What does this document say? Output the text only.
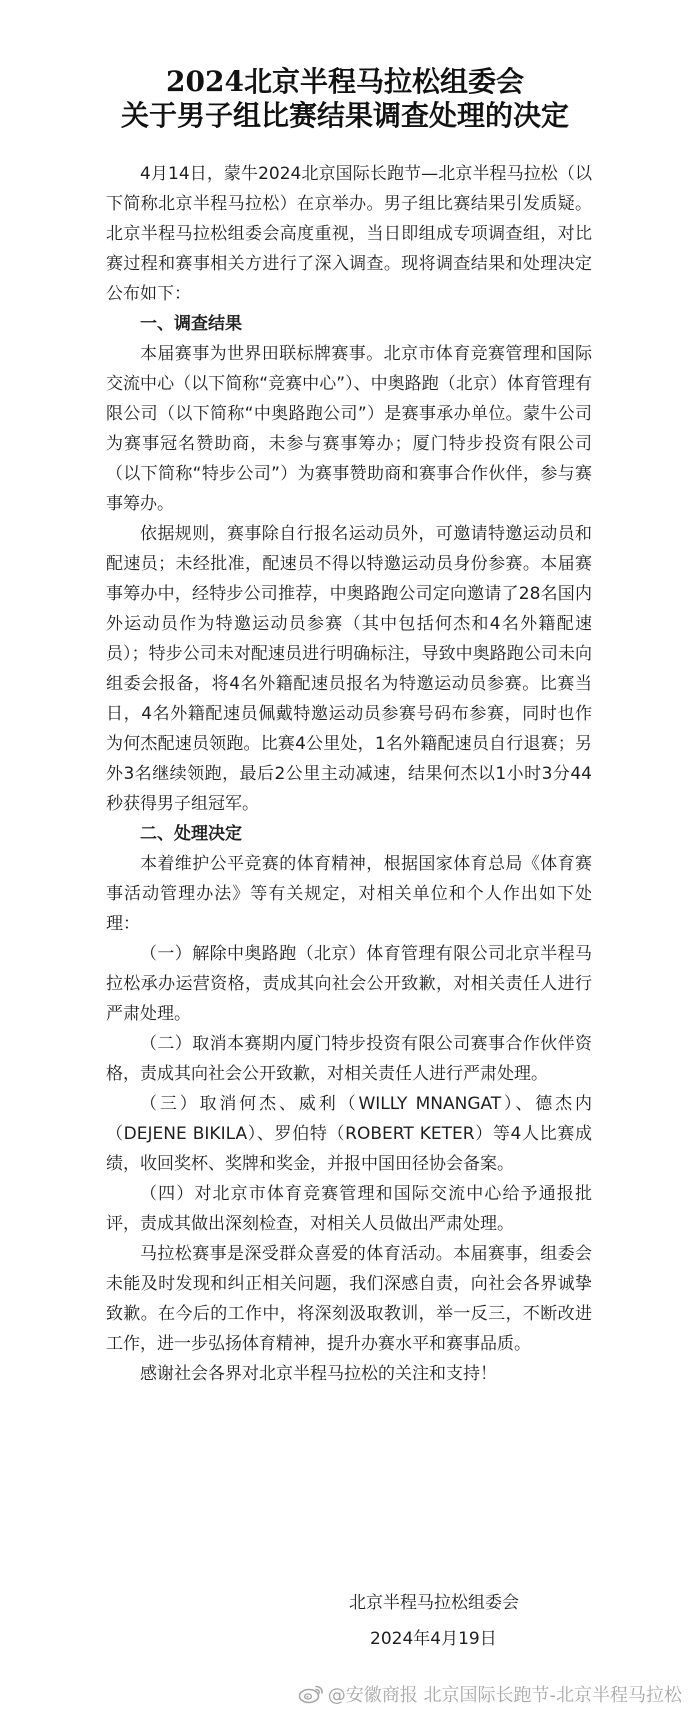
2024北京半程马拉松组委会
关于男子组比赛结果调查处理的决定

4月14日，蒙牛2024北京国际长跑节—北京半程马拉松（以下简称北京半程马拉松）在京举办。男子组比赛结果引发质疑。北京半程马拉松组委会高度重视，当日即组成专项调查组，对比赛过程和赛事相关方进行了深入调查。现将调查结果和处理决定公布如下：

一、调查结果

本届赛事为世界田联标牌赛事。北京市体育竞赛管理和国际交流中心（以下简称“竞赛中心”）、中奥路跑（北京）体育管理有限公司（以下简称“中奥路跑公司”）是赛事承办单位。蒙牛公司为赛事冠名赞助商，未参与赛事筹办；厦门特步投资有限公司（以下简称“特步公司”）为赛事赞助商和赛事合作伙伴，参与赛事筹办。

依据规则，赛事除自行报名运动员外，可邀请特邀运动员和配速员；未经批准，配速员不得以特邀运动员身份参赛。本届赛事筹办中，经特步公司推荐，中奥路跑公司定向邀请了28名国内外运动员作为特邀运动员参赛（其中包括何杰和4名外籍配速员）；特步公司未对配速员进行明确标注，导致中奥路跑公司未向组委会报备，将4名外籍配速员报名为特邀运动员参赛。比赛当日，4名外籍配速员佩戴特邀运动员参赛号码布参赛，同时也作为何杰配速员领跑。比赛4公里处，1名外籍配速员自行退赛；另外3名继续领跑，最后2公里主动减速，结果何杰以1小时3分44秒获得男子组冠军。

二、处理决定

本着维护公平竞赛的体育精神，根据国家体育总局《体育赛事活动管理办法》等有关规定，对相关单位和个人作出如下处理：

（一）解除中奥路跑（北京）体育管理有限公司北京半程马拉松承办运营资格，责成其向社会公开致歉，对相关责任人进行严肃处理。

（二）取消本赛期内厦门特步投资有限公司赛事合作伙伴资格，责成其向社会公开致歉，对相关责任人进行严肃处理。

（三）取消何杰、威利（WILLY MNANGAT）、德杰内（DEJENE BIKILA）、罗伯特（ROBERT KETER）等4人比赛成绩，收回奖杯、奖牌和奖金，并报中国田径协会备案。

（四）对北京市体育竞赛管理和国际交流中心给予通报批评，责成其做出深刻检查，对相关人员做出严肃处理。

马拉松赛事是深受群众喜爱的体育活动。本届赛事，组委会未能及时发现和纠正相关问题，我们深感自责，向社会各界诚挚致歉。在今后的工作中，将深刻汲取教训，举一反三，不断改进工作，进一步弘扬体育精神，提升办赛水平和赛事品质。

感谢社会各界对北京半程马拉松的关注和支持！

北京半程马拉松组委会
2024年4月19日
@安徽商报 北京国际长跑节-北京半程马拉松
